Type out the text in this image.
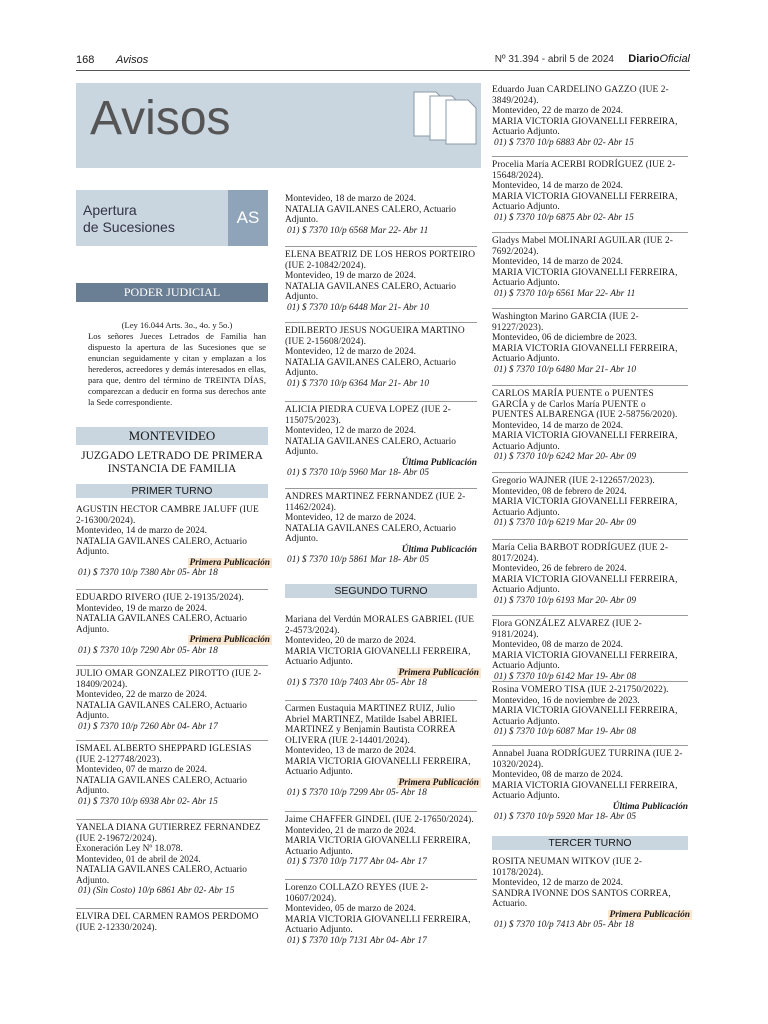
168 Avisos	Nº 31.394 - abril 5 de 2024 DiarioOficial
Avisos
Apertura
de Sucesiones	AS
PODER JUDICIAL
(Ley 16.044 Arts. 3o., 4o. y 5o.)
Los señores Jueces Letrados de Familia han dispuesto la apertura de las Sucesiones que se enuncian seguidamente y citan y emplazan a los herederos, acreedores y demás interesados en ellas, para que, dentro del término de TREINTA DÍAS, comparezcan a deducir en forma sus derechos ante la Sede correspondiente.
MONTEVIDEO
JUZGADO LETRADO DE PRIMERA INSTANCIA DE FAMILIA
PRIMER TURNO
SEGUNDO TURNO
TERCER TURNO
AGUSTIN HECTOR CAMBRE JALUFF (IUE 2-16300/2024).
Montevideo, 14 de marzo de 2024.
NATALIA GAVILANES CALERO, Actuario Adjunto.
Primera Publicación
01) $ 7370 10/p 7380 Abr 05- Abr 18
EDUARDO RIVERO (IUE 2-19135/2024).
Montevideo, 19 de marzo de 2024.
NATALIA GAVILANES CALERO, Actuario Adjunto.
Primera Publicación
01) $ 7370 10/p 7290 Abr 05- Abr 18
JULIO OMAR GONZALEZ PIROTTO (IUE 2-18409/2024).
Montevideo, 22 de marzo de 2024.
NATALIA GAVILANES CALERO, Actuario Adjunto.
01) $ 7370 10/p 7260 Abr 04- Abr 17
ISMAEL ALBERTO SHEPPARD IGLESIAS (IUE 2-127748/2023).
Montevideo, 07 de marzo de 2024.
NATALIA GAVILANES CALERO, Actuario Adjunto.
01) $ 7370 10/p 6938 Abr 02- Abr 15
YANELA DIANA GUTIERREZ FERNANDEZ (IUE 2-19672/2024).
Exoneración Ley Nº 18.078.
Montevideo, 01 de abril de 2024.
NATALIA GAVILANES CALERO, Actuario Adjunto.
01) (Sin Costo) 10/p 6861 Abr 02- Abr 15
ELVIRA DEL CARMEN RAMOS PERDOMO (IUE 2-12330/2024).
Montevideo, 18 de marzo de 2024.
NATALIA GAVILANES CALERO, Actuario Adjunto.
01) $ 7370 10/p 6568 Mar 22- Abr 11
ELENA BEATRIZ DE LOS HEROS PORTEIRO (IUE 2-10842/2024).
Montevideo, 19 de marzo de 2024.
NATALIA GAVILANES CALERO, Actuario Adjunto.
01) $ 7370 10/p 6448 Mar 21- Abr 10
EDILBERTO JESUS NOGUEIRA MARTINO (IUE 2-15608/2024).
Montevideo, 12 de marzo de 2024.
NATALIA GAVILANES CALERO, Actuario Adjunto.
01) $ 7370 10/p 6364 Mar 21- Abr 10
ALICIA PIEDRA CUEVA LOPEZ (IUE 2-115075/2023).
Montevideo, 12 de marzo de 2024.
NATALIA GAVILANES CALERO, Actuario Adjunto.
Última Publicación
01) $ 7370 10/p 5960 Mar 18- Abr 05
ANDRES MARTINEZ FERNANDEZ (IUE 2-11462/2024).
Montevideo, 12 de marzo de 2024.
NATALIA GAVILANES CALERO, Actuario Adjunto.
Última Publicación
01) $ 7370 10/p 5861 Mar 18- Abr 05
Mariana del Verdún MORALES GABRIEL (IUE 2-4573/2024).
Montevideo, 20 de marzo de 2024.
MARIA VICTORIA GIOVANELLI FERREIRA, Actuario Adjunto.
Primera Publicación
01) $ 7370 10/p 7403 Abr 05- Abr 18
Carmen Eustaquia MARTINEZ RUIZ, Julio Abriel MARTINEZ, Matilde Isabel ABRIEL MARTINEZ y Benjamin Bautista CORREA OLIVERA (IUE 2-14401/2024).
Montevideo, 13 de marzo de 2024.
MARIA VICTORIA GIOVANELLI FERREIRA, Actuario Adjunto.
Primera Publicación
01) $ 7370 10/p 7299 Abr 05- Abr 18
Jaime CHAFFER GINDEL (IUE 2-17650/2024).
Montevideo, 21 de marzo de 2024.
MARIA VICTORIA GIOVANELLI FERREIRA, Actuario Adjunto.
01) $ 7370 10/p 7177 Abr 04- Abr 17
Lorenzo COLLAZO REYES (IUE 2-10607/2024).
Montevideo, 05 de marzo de 2024.
MARIA VICTORIA GIOVANELLI FERREIRA, Actuario Adjunto.
01) $ 7370 10/p 7131 Abr 04- Abr 17
Eduardo Juan CARDELINO GAZZO (IUE 2-3849/2024).
Montevideo, 22 de marzo de 2024.
MARIA VICTORIA GIOVANELLI FERREIRA, Actuario Adjunto.
01) $ 7370 10/p 6883 Abr 02- Abr 15
Procelia María ACERBI RODRÍGUEZ (IUE 2-15648/2024).
Montevideo, 14 de marzo de 2024.
MARIA VICTORIA GIOVANELLI FERREIRA, Actuario Adjunto.
01) $ 7370 10/p 6875 Abr 02- Abr 15
Gladys Mabel MOLINARI AGUILAR (IUE 2-7692/2024).
Montevideo, 14 de marzo de 2024.
MARIA VICTORIA GIOVANELLI FERREIRA, Actuario Adjunto.
01) $ 7370 10/p 6561 Mar 22- Abr 11
Washington Marino GARCIA (IUE 2-91227/2023).
Montevideo, 06 de diciembre de 2023.
MARIA VICTORIA GIOVANELLI FERREIRA, Actuario Adjunto.
01) $ 7370 10/p 6480 Mar 21- Abr 10
CARLOS MARÍA PUENTE o PUENTES GARCÍA y de Carlos María PUENTE o PUENTES ALBARENGA (IUE 2-58756/2020).
Montevideo, 14 de marzo de 2024.
MARIA VICTORIA GIOVANELLI FERREIRA, Actuario Adjunto.
01) $ 7370 10/p 6242 Mar 20- Abr 09
Gregorio WAJNER (IUE 2-122657/2023).
Montevideo, 08 de febrero de 2024.
MARIA VICTORIA GIOVANELLI FERREIRA, Actuario Adjunto.
01) $ 7370 10/p 6219 Mar 20- Abr 09
María Celia BARBOT RODRÍGUEZ (IUE 2-8017/2024).
Montevideo, 26 de febrero de 2024.
MARIA VICTORIA GIOVANELLI FERREIRA, Actuario Adjunto.
01) $ 7370 10/p 6193 Mar 20- Abr 09
Flora GONZÁLEZ ALVAREZ (IUE 2-9181/2024).
Montevideo, 08 de marzo de 2024.
MARIA VICTORIA GIOVANELLI FERREIRA, Actuario Adjunto.
01) $ 7370 10/p 6142 Mar 19- Abr 08
Rosina VOMERO TISA (IUE 2-21750/2022).
Montevideo, 16 de noviembre de 2023.
MARIA VICTORIA GIOVANELLI FERREIRA, Actuario Adjunto.
01) $ 7370 10/p 6087 Mar 19- Abr 08
Annabel Juana RODRÍGUEZ TURRINA (IUE 2-10320/2024).
Montevideo, 08 de marzo de 2024.
MARIA VICTORIA GIOVANELLI FERREIRA, Actuario Adjunto.
Última Publicación
01) $ 7370 10/p 5920 Mar 18- Abr 05
ROSITA NEUMAN WITKOV (IUE 2-10178/2024).
Montevideo, 12 de marzo de 2024.
SANDRA IVONNE DOS SANTOS CORREA, Actuario.
Primera Publicación
01) $ 7370 10/p 7413 Abr 05- Abr 18
